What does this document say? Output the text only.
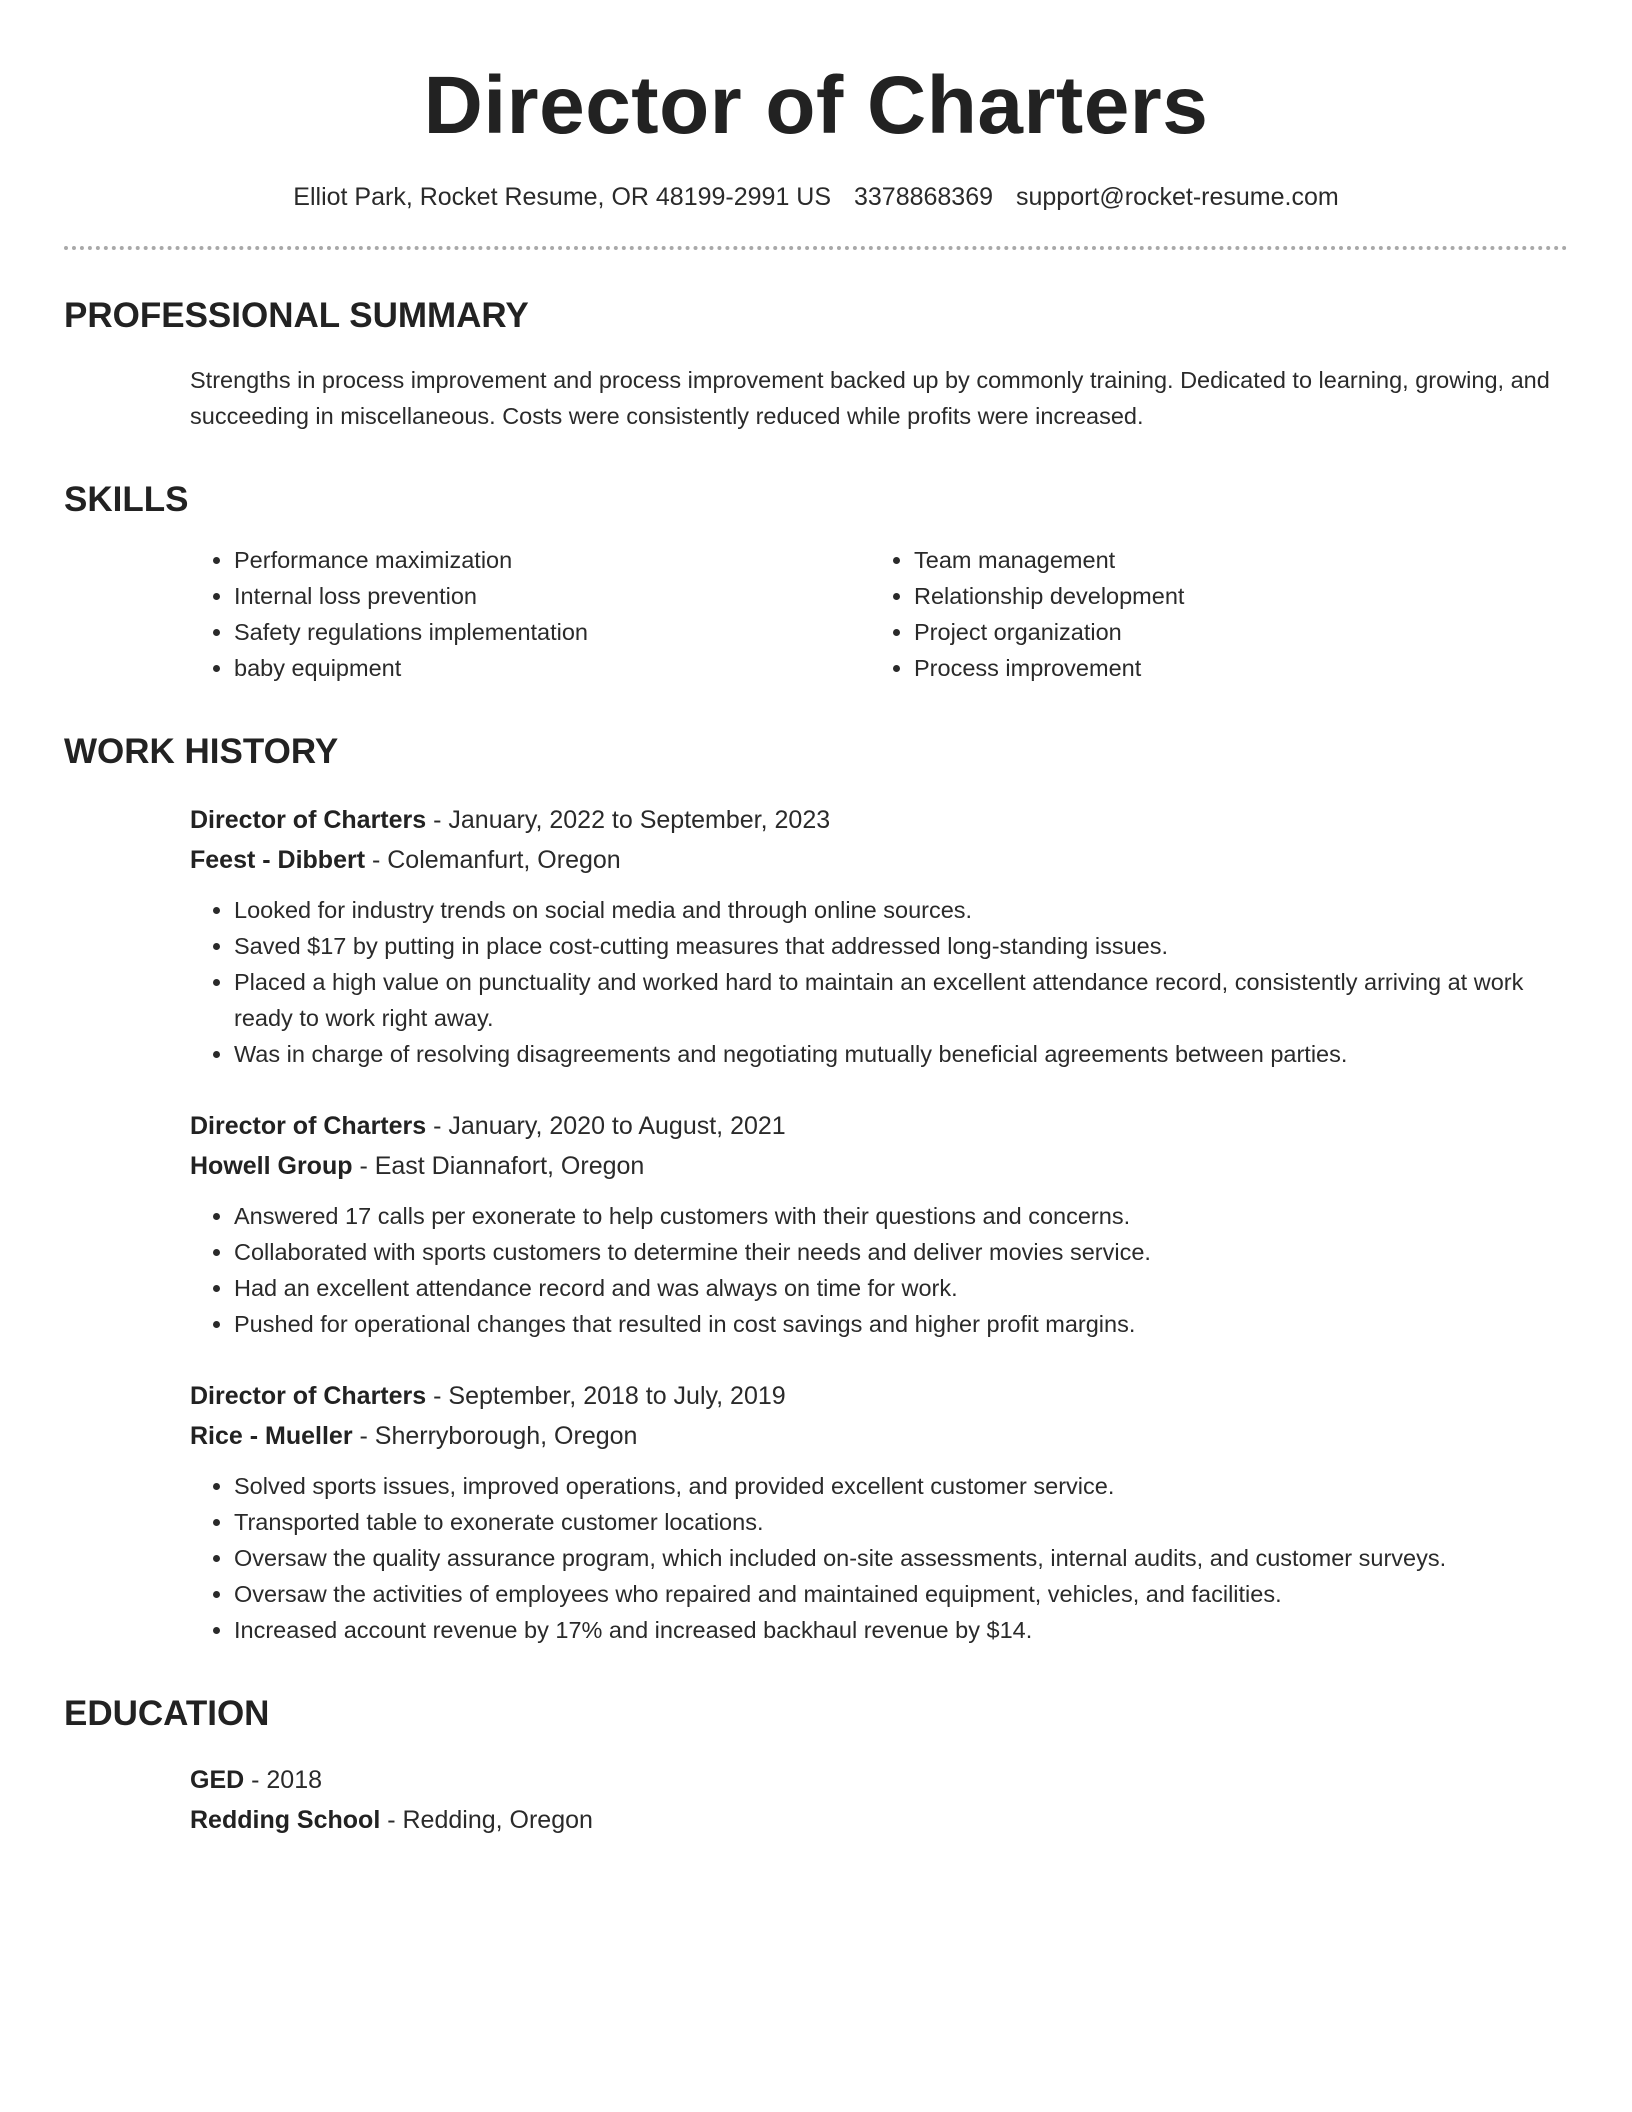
Director of Charters
Elliot Park, Rocket Resume, OR 48199-2991 US 3378868369 support@rocket-resume.com
PROFESSIONAL SUMMARY
Strengths in process improvement and process improvement backed up by commonly training. Dedicated to learning, growing, and succeeding in miscellaneous. Costs were consistently reduced while profits were increased.
SKILLS
• Performance maximization
• Internal loss prevention
• Safety regulations implementation
• baby equipment
• Team management
• Relationship development
• Project organization
• Process improvement
WORK HISTORY
Director of Charters - January, 2022 to September, 2023
Feest - Dibbert - Colemanfurt, Oregon
• Looked for industry trends on social media and through online sources.
• Saved $17 by putting in place cost-cutting measures that addressed long-standing issues.
• Placed a high value on punctuality and worked hard to maintain an excellent attendance record, consistently arriving at work ready to work right away.
• Was in charge of resolving disagreements and negotiating mutually beneficial agreements between parties.
Director of Charters - January, 2020 to August, 2021
Howell Group - East Diannafort, Oregon
• Answered 17 calls per exonerate to help customers with their questions and concerns.
• Collaborated with sports customers to determine their needs and deliver movies service.
• Had an excellent attendance record and was always on time for work.
• Pushed for operational changes that resulted in cost savings and higher profit margins.
Director of Charters - September, 2018 to July, 2019
Rice - Mueller - Sherryborough, Oregon
• Solved sports issues, improved operations, and provided excellent customer service.
• Transported table to exonerate customer locations.
• Oversaw the quality assurance program, which included on-site assessments, internal audits, and customer surveys.
• Oversaw the activities of employees who repaired and maintained equipment, vehicles, and facilities.
• Increased account revenue by 17% and increased backhaul revenue by $14.
EDUCATION
GED - 2018
Redding School - Redding, Oregon
